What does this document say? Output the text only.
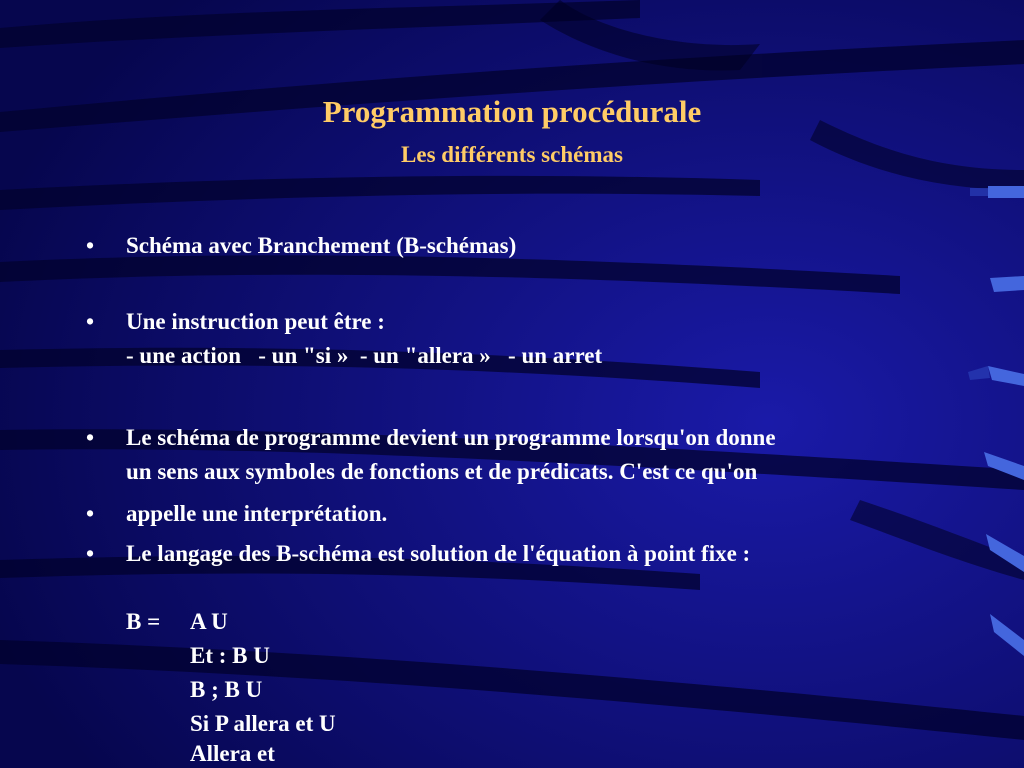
Programmation procédurale
Les différents schémas
• Schéma avec Branchement (B-schémas)
• Une instruction peut être :
- une action   - un "si »  - un "allera »   - un arret
• Le schéma de programme devient un programme lorsqu'on donne
un sens aux symboles de fonctions et de prédicats. C'est ce qu'on
• appelle une interprétation.
• Le langage des B-schéma est solution de l'équation à point fixe :
B = A U
Et : B U
B ; B U
Si P allera et U
Allera et
